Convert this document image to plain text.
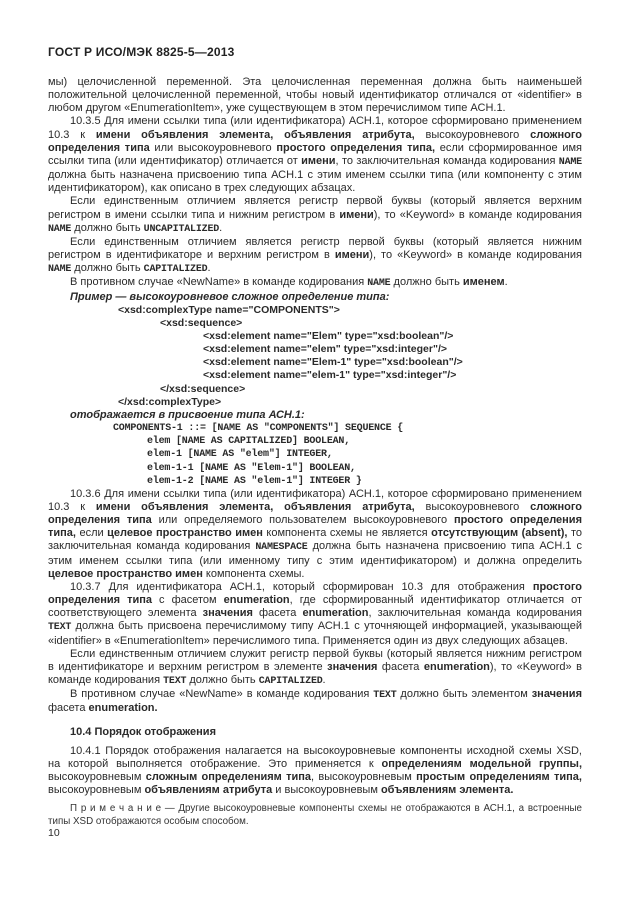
ГОСТ Р ИСО/МЭК 8825-5—2013

мы) целочисленной переменной. Эта целочисленная переменная должна быть наименьшей положительной целочисленной переменной, чтобы новый идентификатор отличался от «identifier» в любом другом «EnumerationItem», уже существующем в этом перечислимом типе АСН.1.

10.3.5 Для имени ссылки типа (или идентификатора) АСН.1, которое сформировано применением 10.3 к имени объявления элемента, объявления атрибута, высокоуровневого сложного определения типа или высокоуровневого простого определения типа, если сформированное имя ссылки типа (или идентификатор) отличается от имени, то заключительная команда кодирования NAME должна быть назначена присвоению типа АСН.1 с этим именем ссылки типа (или компоненту с этим идентификатором), как описано в трех следующих абзацах.

Если единственным отличием является регистр первой буквы (который является верхним регистром в имени ссылки типа и нижним регистром в имени), то «Keyword» в команде кодирования NAME должно быть UNCAPITALIZED.

Если единственным отличием является регистр первой буквы (который является нижним регистром в идентификаторе и верхним регистром в имени), то «Keyword» в команде кодирования NAME должно быть CAPITALIZED.

В противном случае «NewName» в команде кодирования NAME должно быть именем.

Пример — высокоуровневое сложное определение типа:

<xsd:complexType name="COMPONENTS">
<xsd:sequence>
<xsd:element name="Elem" type="xsd:boolean"/>
<xsd:element name="elem" type="xsd:integer"/>
<xsd:element name="Elem-1" type="xsd:boolean"/>
<xsd:element name="elem-1" type="xsd:integer"/>
</xsd:sequence>
</xsd:complexType>

отображается в присвоение типа АСН.1:

COMPONENTS-1 ::= [NAME AS "COMPONENTS"] SEQUENCE {
elem [NAME AS CAPITALIZED] BOOLEAN,
elem-1 [NAME AS "elem"] INTEGER,
elem-1-1 [NAME AS "Elem-1"] BOOLEAN,
elem-1-2 [NAME AS "elem-1"] INTEGER }

10.3.6 Для имени ссылки типа (или идентификатора) АСН.1, которое сформировано применением 10.3 к имени объявления элемента, объявления атрибута, высокоуровневого сложного определения типа или определяемого пользователем высокоуровневого простого определения типа, если целевое пространство имен компонента схемы не является отсутствующим (absent), то заключительная команда кодирования NAMESPACE должна быть назначена присвоению типа АСН.1 с этим именем ссылки типа (или именному типу с этим идентификатором) и должна определить целевое пространство имен компонента схемы.

10.3.7 Для идентификатора АСН.1, который сформирован 10.3 для отображения простого определения типа с фасетом enumeration, где сформированный идентификатор отличается от соответствующего элемента значения фасета enumeration, заключительная команда кодирования TEXT должна быть присвоена перечислимому типу АСН.1 с уточняющей информацией, указывающей «identifier» в «EnumerationItem» перечислимого типа. Применяется один из двух следующих абзацев.

Если единственным отличием служит регистр первой буквы (который является нижним регистром в идентификаторе и верхним регистром в элементе значения фасета enumeration), то «Keyword» в команде кодирования TEXT должно быть CAPITALIZED.

В противном случае «NewName» в команде кодирования TEXT должно быть элементом значения фасета enumeration.

10.4 Порядок отображения

10.4.1 Порядок отображения налагается на высокоуровневые компоненты исходной схемы XSD, на которой выполняется отображение. Это применяется к определениям модельной группы, высокоуровневым сложным определениям типа, высокоуровневым простым определениям типа, высокоуровневым объявлениям атрибута и высокоуровневым объявлениям элемента.

П р и м е ч а н и е — Другие высокоуровневые компоненты схемы не отображаются в АСН.1, а встроенные типы XSD отображаются особым способом.

10
